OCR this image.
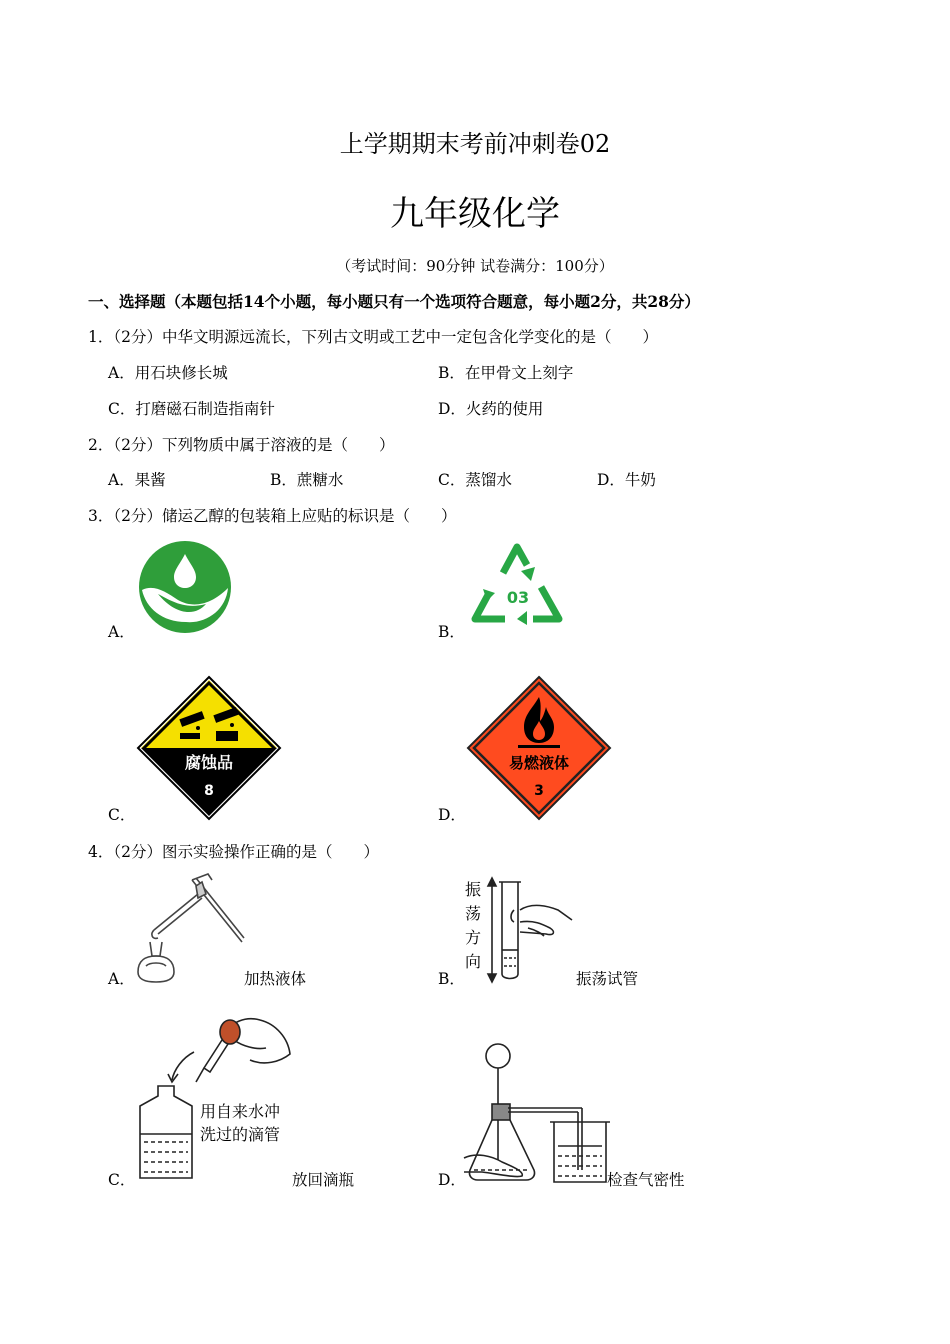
上学期期末考前冲刺卷02
九年级化学
（考试时间：90分钟 试卷满分：100分）
一、选择题（本题包括14个小题，每小题只有一个选项符合题意，每小题2分，共28分）
1．（2分）中华文明源远流长，下列古文明或工艺中一定包含化学变化的是（　　）
A．用石块修长城	B．在甲骨文上刻字
C．打磨磁石制造指南针	D．火药的使用
2．（2分）下列物质中属于溶液的是（　　）
A．果酱	B．蔗糖水	C．蒸馏水	D．牛奶
3．（2分）储运乙醇的包装箱上应贴的标识是（　　）
A．	B．
03
C．
腐蚀品
8
D．
易燃液体
3
4．（2分）图示实验操作正确的是（　　）
A．	加热液体	B．
振
荡
方
向
振荡试管
C．
用自来水冲
洗过的滴管
放回滴瓶	D．	检查气密性
